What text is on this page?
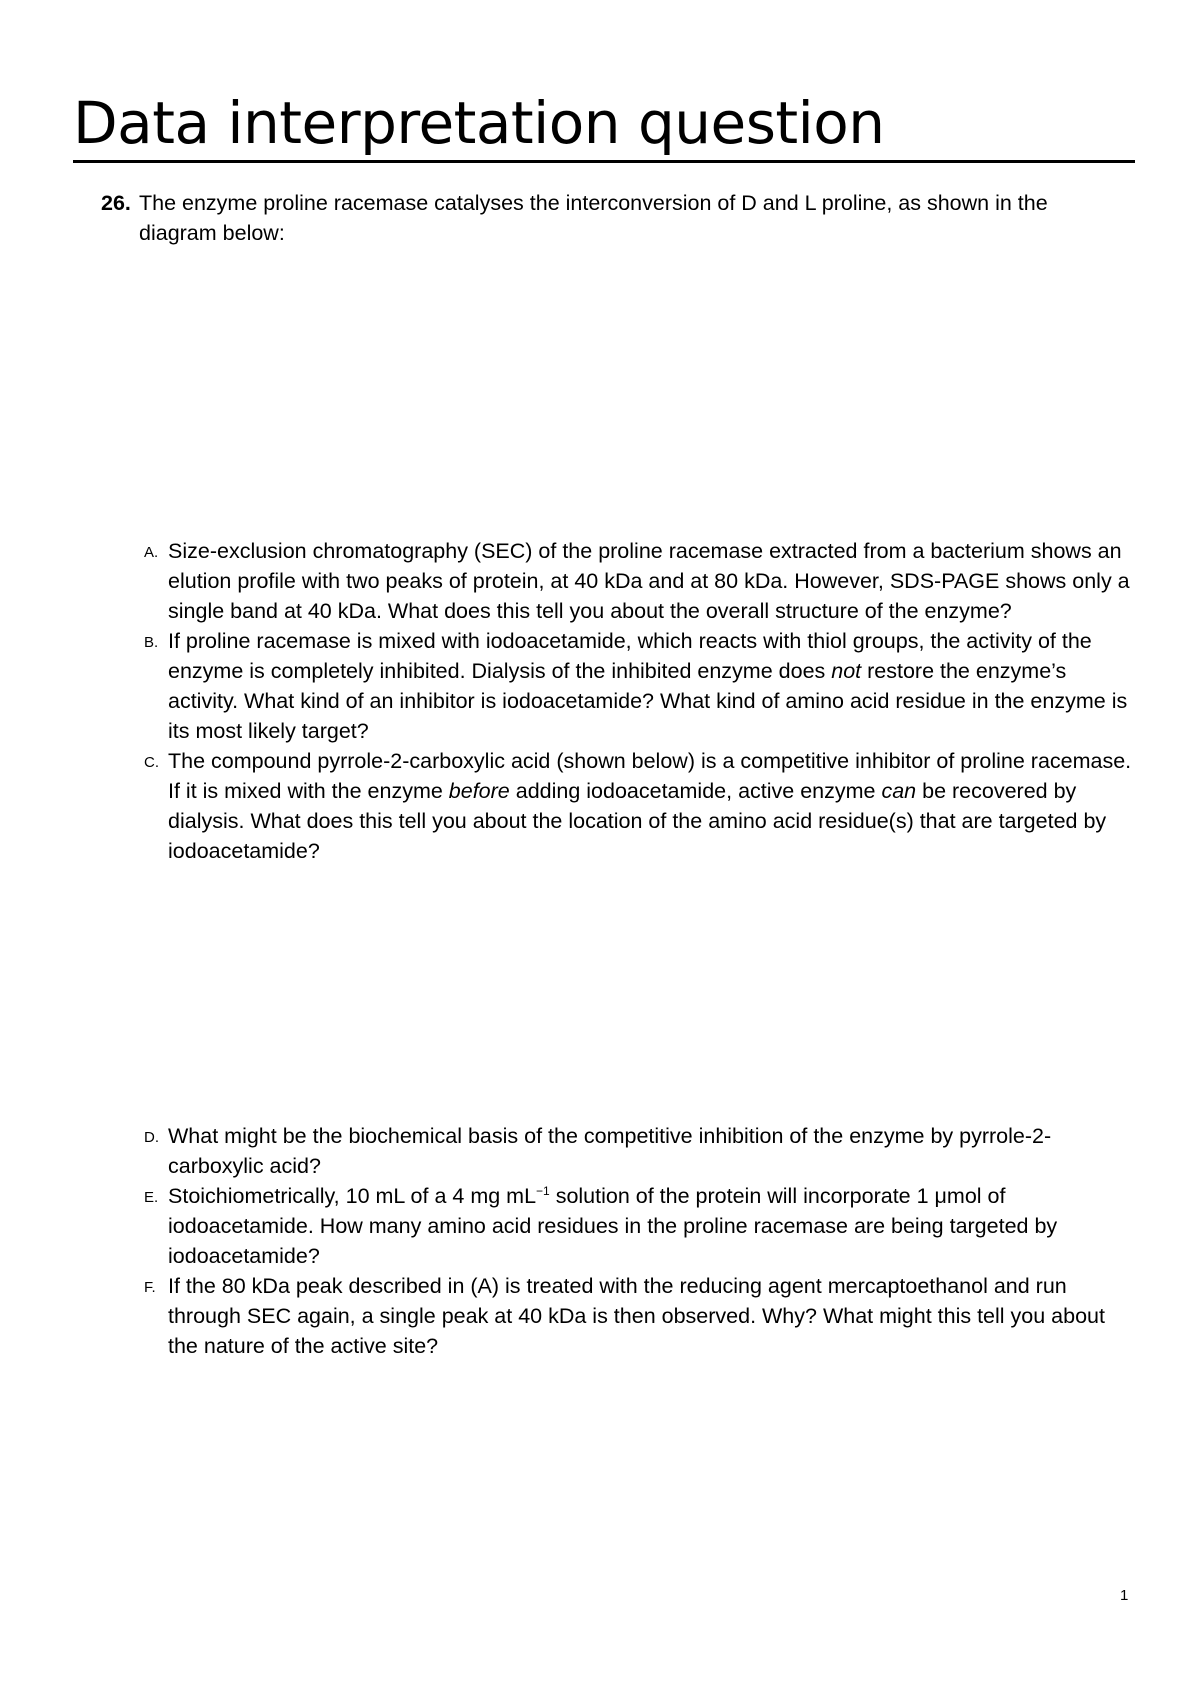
Data interpretation question
26. The enzyme proline racemase catalyses the interconversion of D and L proline, as shown in the diagram below:
A. Size-exclusion chromatography (SEC) of the proline racemase extracted from a bacterium shows an elution profile with two peaks of protein, at 40 kDa and at 80 kDa. However, SDS-PAGE shows only a single band at 40 kDa. What does this tell you about the overall structure of the enzyme?
B. If proline racemase is mixed with iodoacetamide, which reacts with thiol groups, the activity of the enzyme is completely inhibited. Dialysis of the inhibited enzyme does not restore the enzyme’s activity. What kind of an inhibitor is iodoacetamide? What kind of amino acid residue in the enzyme is its most likely target?
C. The compound pyrrole-2-carboxylic acid (shown below) is a competitive inhibitor of proline racemase. If it is mixed with the enzyme before adding iodoacetamide, active enzyme can be recovered by dialysis. What does this tell you about the location of the amino acid residue(s) that are targeted by iodoacetamide?
D. What might be the biochemical basis of the competitive inhibition of the enzyme by pyrrole-2-carboxylic acid?
E. Stoichiometrically, 10 mL of a 4 mg $mL^{-1}$ solution of the protein will incorporate 1 μmol of iodoacetamide. How many amino acid residues in the proline racemase are being targeted by iodoacetamide?
F. If the 80 kDa peak described in (A) is treated with the reducing agent mercaptoethanol and run through SEC again, a single peak at 40 kDa is then observed. Why? What might this tell you about the nature of the active site?
1
